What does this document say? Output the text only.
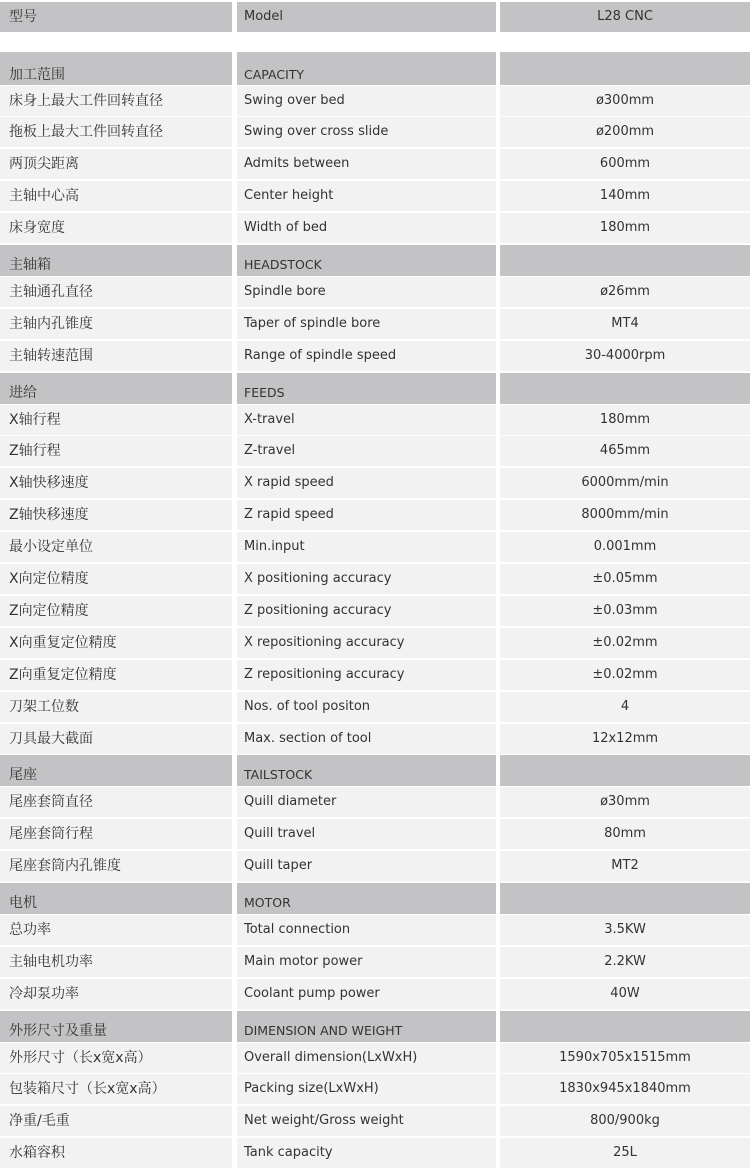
型号	Model	L28 CNC
加工范围	CAPACITY
床身上最大工件回转直径	Swing over bed	ø300mm
拖板上最大工件回转直径	Swing over cross slide	ø200mm
两顶尖距离	Admits between	600mm
主轴中心高	Center height	140mm
床身宽度	Width of bed	180mm
主轴箱	HEADSTOCK
主轴通孔直径	Spindle bore	ø26mm
主轴内孔锥度	Taper of spindle bore	MT4
主轴转速范围	Range of spindle speed	30-4000rpm
进给	FEEDS
X轴行程	X-travel	180mm
Z轴行程	Z-travel	465mm
X轴快移速度	X rapid speed	6000mm/min
Z轴快移速度	Z rapid speed	8000mm/min
最小设定单位	Min.input	0.001mm
X向定位精度	X positioning accuracy	±0.05mm
Z向定位精度	Z positioning accuracy	±0.03mm
X向重复定位精度	X repositioning accuracy	±0.02mm
Z向重复定位精度	Z repositioning accuracy	±0.02mm
刀架工位数	Nos. of tool positon	4
刀具最大截面	Max. section of tool	12x12mm
尾座	TAILSTOCK
尾座套筒直径	Quill diameter	ø30mm
尾座套筒行程	Quill travel	80mm
尾座套筒内孔锥度	Quill taper	MT2
电机	MOTOR
总功率	Total connection	3.5KW
主轴电机功率	Main motor power	2.2KW
冷却泵功率	Coolant pump power	40W
外形尺寸及重量	DIMENSION AND WEIGHT
外形尺寸（长x宽x高）	Overall dimension(LxWxH)	1590x705x1515mm
包装箱尺寸（长x宽x高）	Packing size(LxWxH)	1830x945x1840mm
净重/毛重	Net weight/Gross weight	800/900kg
水箱容积	Tank capacity	25L
